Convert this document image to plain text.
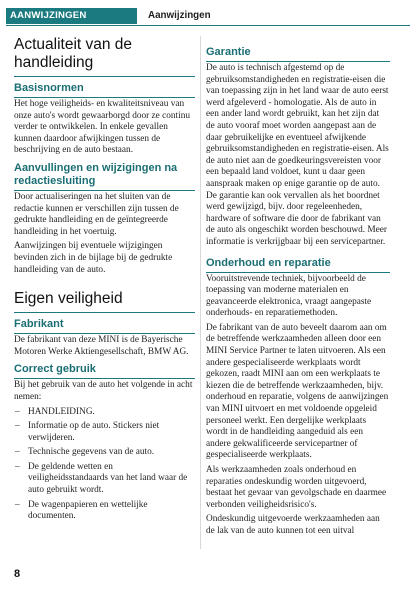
AANWIJZINGEN	Aanwijzingen
Actualiteit van de handleiding
Basisnormen

Het hoge veiligheids- en kwaliteitsniveau van onze auto's wordt gewaarborgd door ze continu verder te ontwikkelen. In enkele gevallen kunnen daardoor afwijkingen tussen de beschrijving en de auto bestaan.

Aanvullingen en wijzigingen na redactiesluiting

Door actualiseringen na het sluiten van de redactie kunnen er verschillen zijn tussen de gedrukte handleiding en de geïntegreerde handleiding in het voertuig.

Aanwijzingen bij eventuele wijzigingen bevinden zich in de bijlage bij de gedrukte handleiding van de auto.

Eigen veiligheid
Fabrikant

De fabrikant van deze MINI is de Bayerische Motoren Werke Aktiengesellschaft, BMW AG.

Correct gebruik

Bij het gebruik van de auto het volgende in acht nemen:

– HANDLEIDING.
– Informatie op de auto. Stickers niet verwijderen.
– Technische gegevens van de auto.
– De geldende wetten en veiligheidsstandaards van het land waar de auto gebruikt wordt.
– De wagenpapieren en wettelijke documenten.
Garantie

De auto is technisch afgestemd op de gebruiksomstandigheden en registratie-eisen die van toepassing zijn in het land waar de auto eerst werd afgeleverd - homologatie. Als de auto in een ander land wordt gebruikt, kan het zijn dat de auto vooraf moet worden aangepast aan de daar gebruikelijke en eventueel afwijkende gebruiksomstandigheden en registratie-eisen. Als de auto niet aan de goedkeuringsvereisten voor een bepaald land voldoet, kunt u daar geen aanspraak maken op enige garantie op de auto. De garantie kan ook vervallen als het boordnet werd gewijzigd, bijv. door regeleenheden, hardware of software die door de fabrikant van de auto als ongeschikt worden beschouwd. Meer informatie is verkrijgbaar bij een servicepartner.

Onderhoud en reparatie

Vooruitstrevende techniek, bijvoorbeeld de toepassing van moderne materialen en geavanceerde elektronica, vraagt aangepaste onderhouds- en reparatiemethoden.

De fabrikant van de auto beveelt daarom aan om de betreffende werkzaamheden alleen door een MINI Service Partner te laten uitvoeren. Als een andere gespecialiseerde werkplaats wordt gekozen, raadt MINI aan om een werkplaats te kiezen die de betreffende werkzaamheden, bijv. onderhoud en reparatie, volgens de aanwijzingen van MINI uitvoert en met voldoende opgeleid personeel werkt. Een dergelijke werkplaats wordt in de handleiding aangeduid als een andere gekwalificeerde servicepartner of gespecialiseerde werkplaats.

Als werkzaamheden zoals onderhoud en reparaties ondeskundig worden uitgevoerd, bestaat het gevaar van gevolgschade en daarmee verbonden veiligheidsrisico's.

Ondeskundig uitgevoerde werkzaamheden aan de lak van de auto kunnen tot een uitval

8
